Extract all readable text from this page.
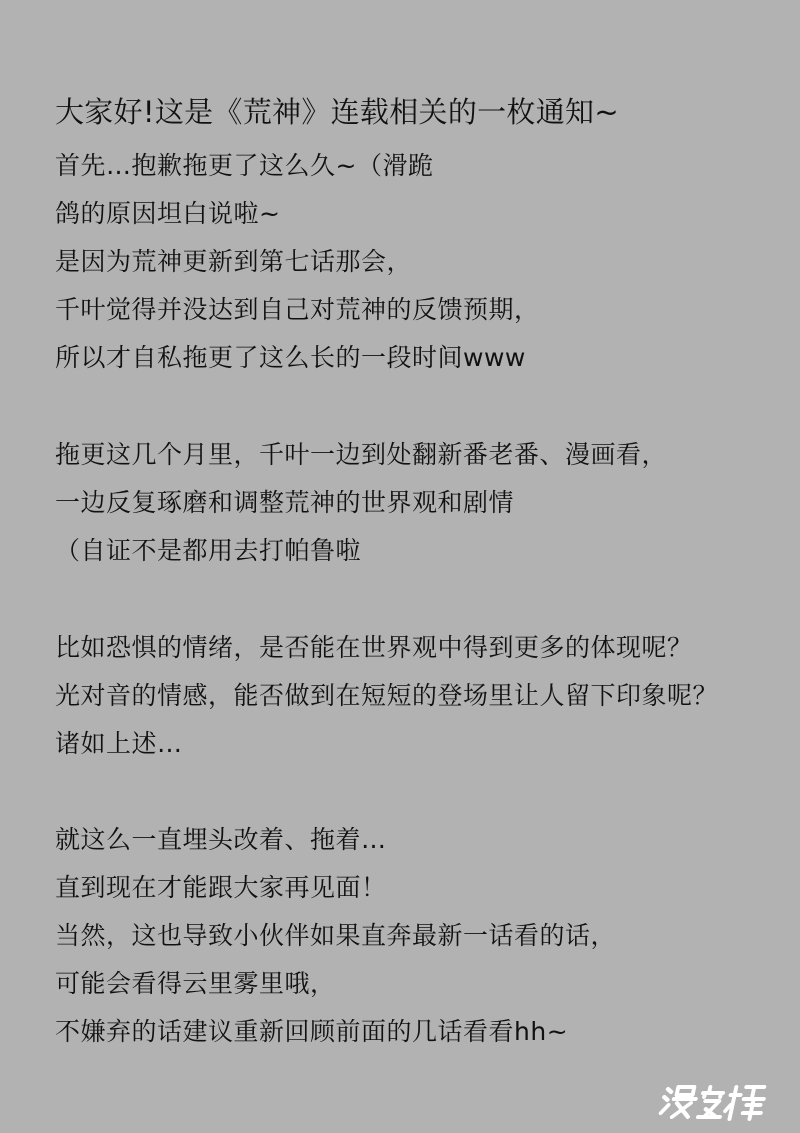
大家好!这是《荒神》连载相关的一枚通知~
首先…抱歉拖更了这么久~（滑跪
鸽的原因坦白说啦~
是因为荒神更新到第七话那会，
千叶觉得并没达到自己对荒神的反馈预期，
所以才自私拖更了这么长的一段时间www
拖更这几个月里，千叶一边到处翻新番老番、漫画看，
一边反复琢磨和调整荒神的世界观和剧情
（自证不是都用去打帕鲁啦
比如恐惧的情绪，是否能在世界观中得到更多的体现呢？
光对音的情感，能否做到在短短的登场里让人留下印象呢？
诸如上述…
就这么一直埋头改着、拖着…
直到现在才能跟大家再见面！
当然，这也导致小伙伴如果直奔最新一话看的话，
可能会看得云里雾里哦，
不嫌弃的话建议重新回顾前面的几话看看hh~
